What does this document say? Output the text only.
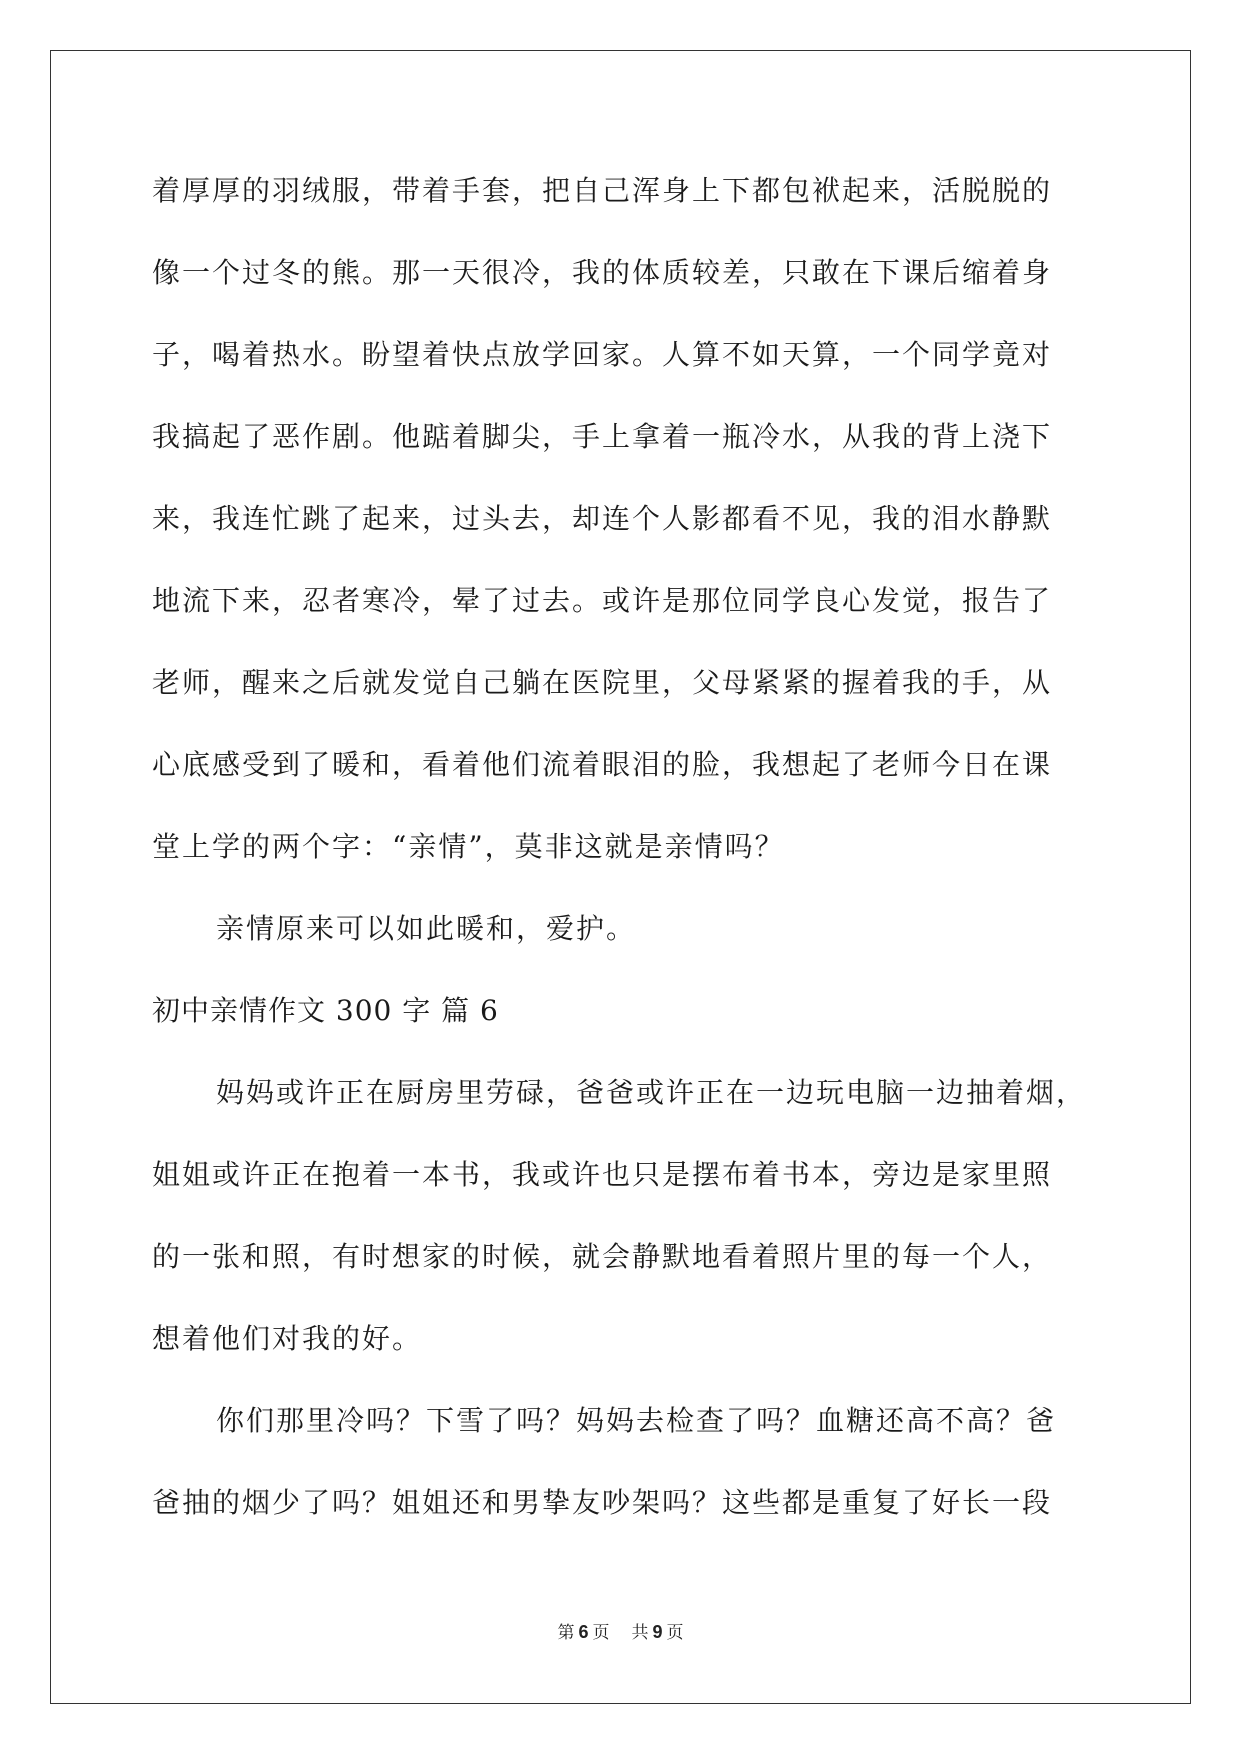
着厚厚的羽绒服，带着手套，把自己浑身上下都包袱起来，活脱脱的
像一个过冬的熊。那一天很冷，我的体质较差，只敢在下课后缩着身
子，喝着热水。盼望着快点放学回家。人算不如天算，一个同学竟对
我搞起了恶作剧。他踮着脚尖，手上拿着一瓶冷水，从我的背上浇下
来，我连忙跳了起来，过头去，却连个人影都看不见，我的泪水静默
地流下来，忍者寒冷，晕了过去。或许是那位同学良心发觉，报告了
老师，醒来之后就发觉自己躺在医院里，父母紧紧的握着我的手，从
心底感受到了暖和，看着他们流着眼泪的脸，我想起了老师今日在课
堂上学的两个字：“亲情”，莫非这就是亲情吗？
亲情原来可以如此暖和，爱护。
初中亲情作文 300 字 篇 6
妈妈或许正在厨房里劳碌，爸爸或许正在一边玩电脑一边抽着烟，
姐姐或许正在抱着一本书，我或许也只是摆布着书本，旁边是家里照
的一张和照，有时想家的时候，就会静默地看着照片里的每一个人，
想着他们对我的好。
你们那里冷吗？下雪了吗？妈妈去检查了吗？血糖还高不高？爸
爸抽的烟少了吗？姐姐还和男挚友吵架吗？这些都是重复了好长一段
第 6 页 共 9 页
